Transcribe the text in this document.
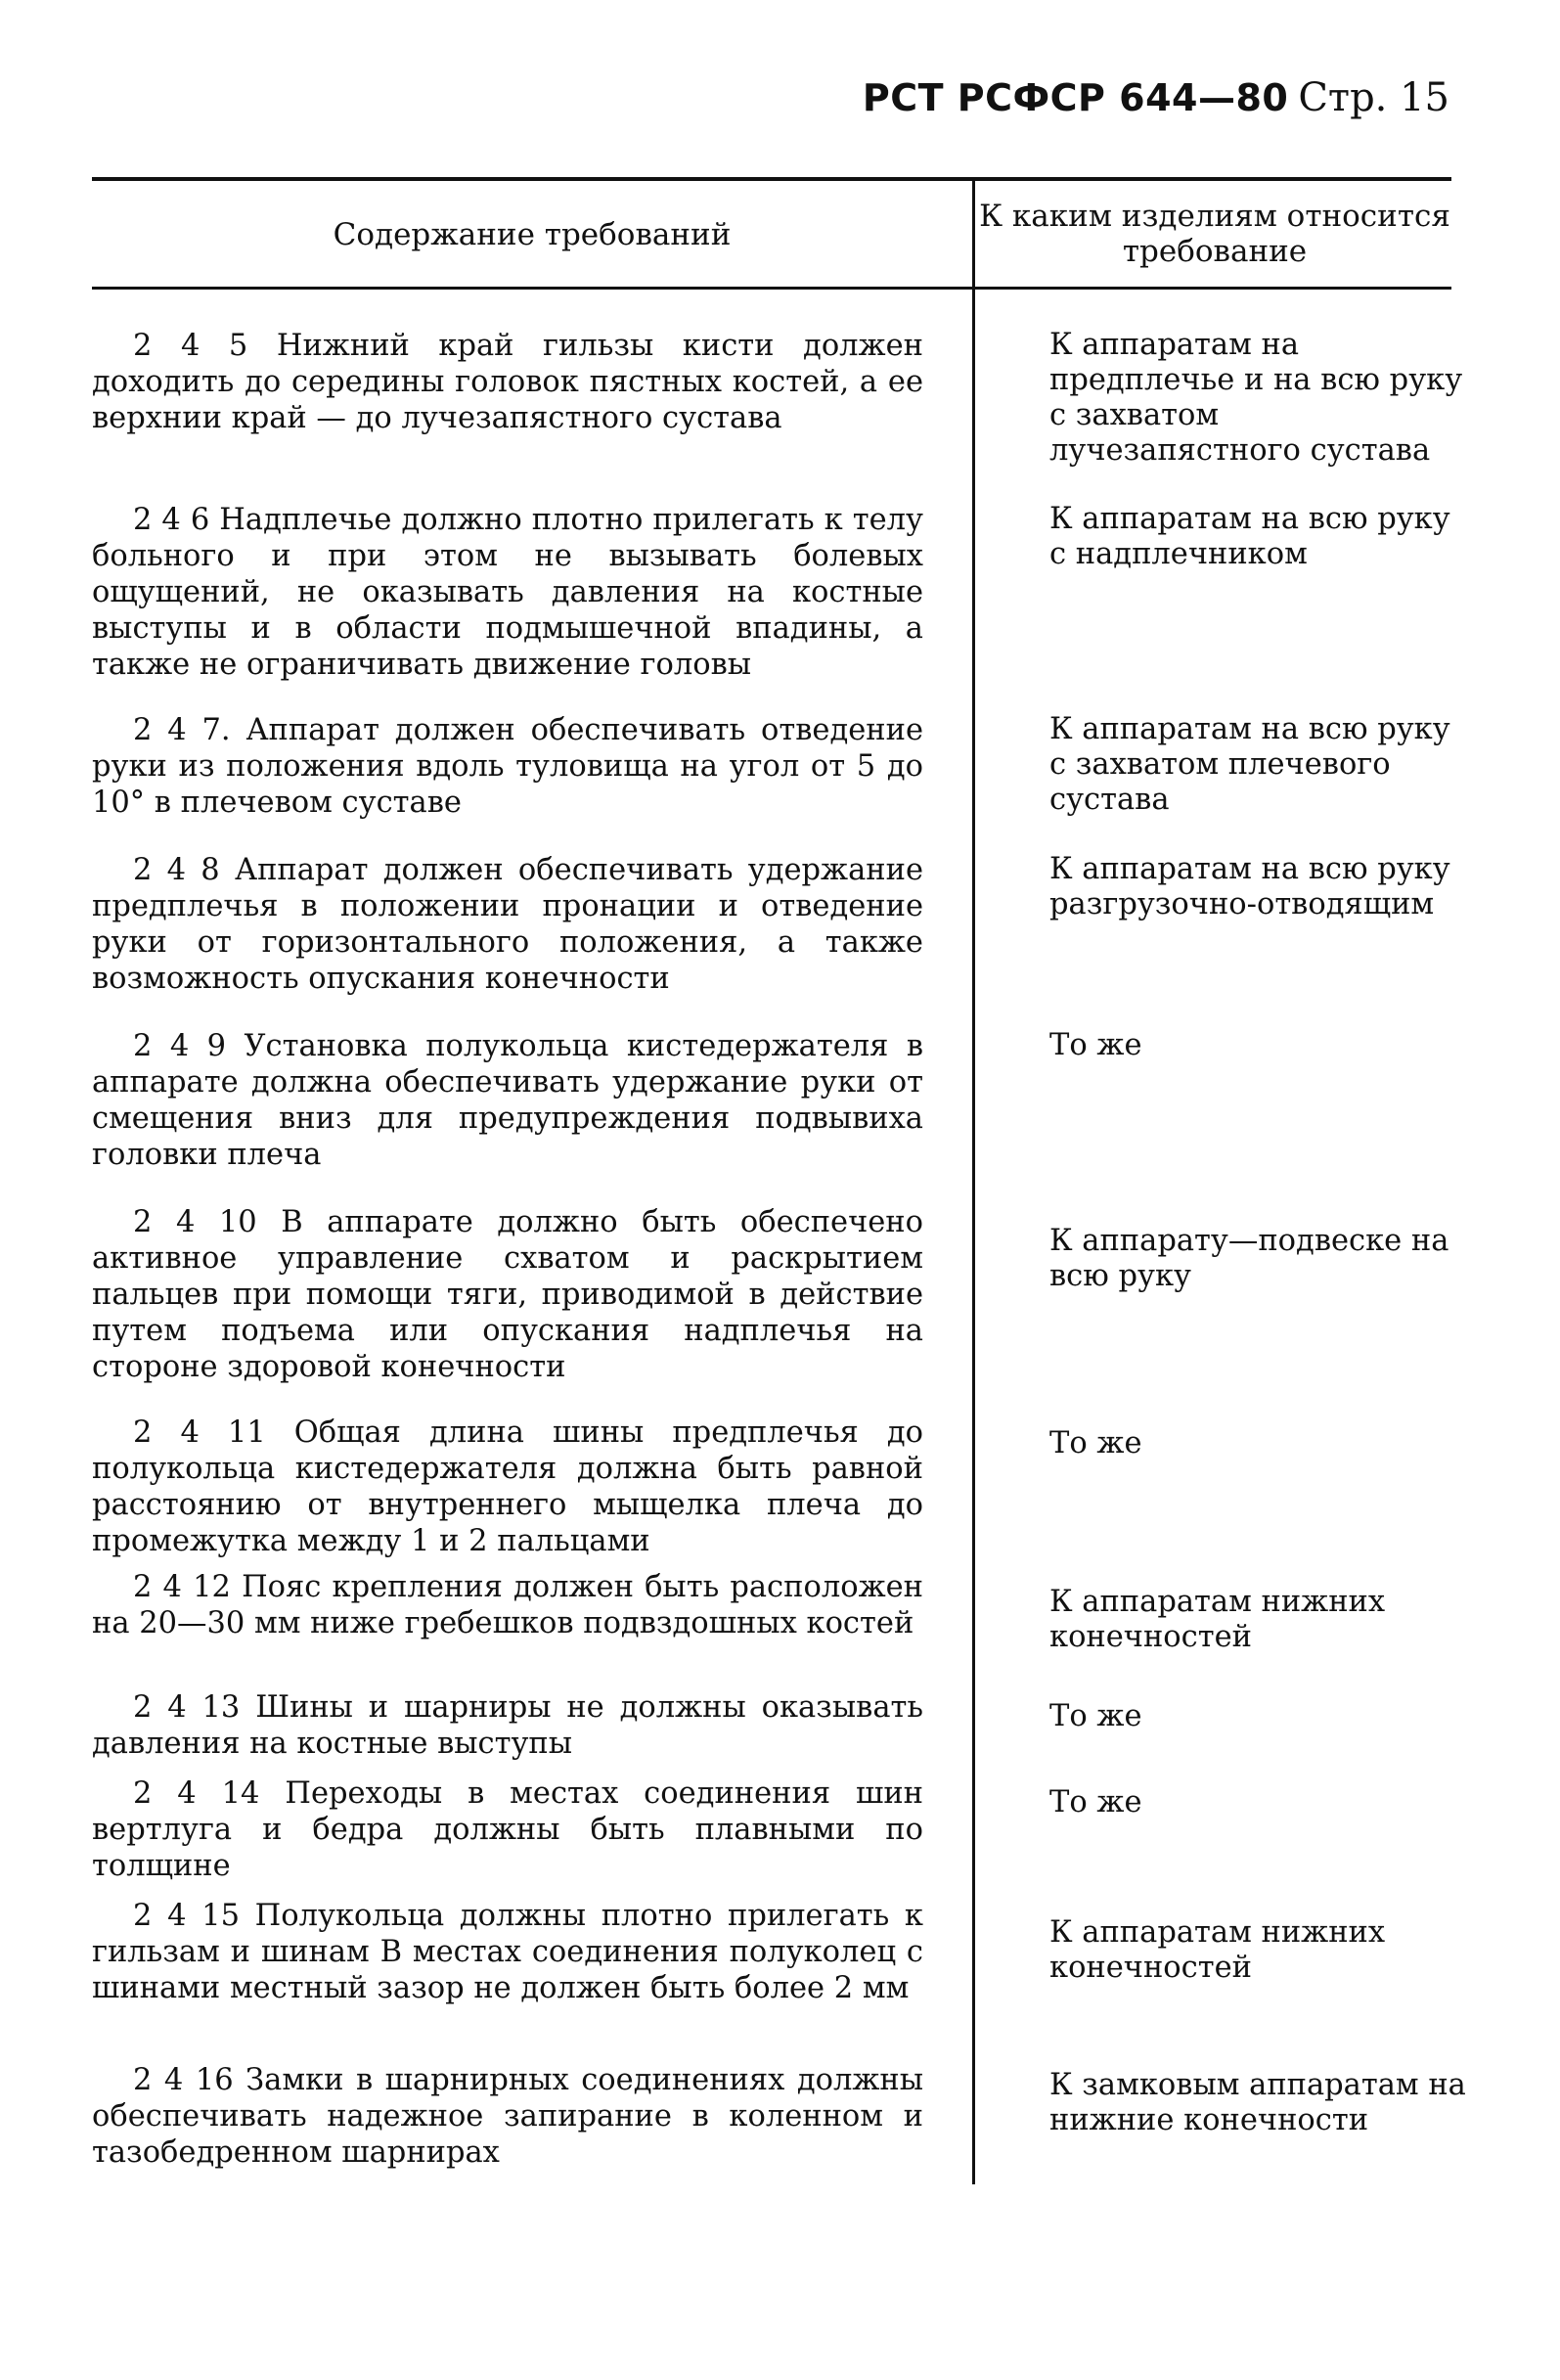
РСТ РСФСР 644—80 Стр. 15
Содержание требований
К каким изделиям относится требование
2 4 5 Нижний край гильзы кисти должен доходить до середины головок пястных костей, а ее верхнии край — до лучезапястного сустава
К аппаратам на предплечье и на всю руку с захватом лучезапястного сустава
2 4 6 Надплечье должно плотно прилегать к телу больного и при этом не вызывать болевых ощущений, не оказывать давления на костные выступы и в области подмышечной впадины, а также не ограничивать движение головы
К аппаратам на всю руку с надплечником
2 4 7. Аппарат должен обеспечивать отведение руки из положения вдоль туловища на угол от 5 до 10° в плечевом суставе
К аппаратам на всю руку с захватом плечевого сустава
2 4 8 Аппарат должен обеспечивать удержание предплечья в положении пронации и отведение руки от горизонтального положения, а также возможность опускания конечности
К аппаратам на всю руку разгрузочно-отводящим
2 4 9 Установка полукольца кистедержателя в аппарате должна обеспечивать удержание руки от смещения вниз для предупреждения подвывиха головки плеча
То же
2 4 10 В аппарате должно быть обеспечено активное управление схватом и раскрытием пальцев при помощи тяги, приводимой в действие путем подъема или опускания надплечья на стороне здоровой конечности
К аппарату—подвеске на всю руку
2 4 11 Общая длина шины предплечья до полукольца кистедержателя должна быть равной расстоянию от внутреннего мыщелка плеча до промежутка между 1 и 2 пальцами
То же
2 4 12 Пояс крепления должен быть расположен на 20—30 мм ниже гребешков подвздошных костей
К аппаратам нижних конечностей
2 4 13 Шины и шарниры не должны оказывать давления на костные выступы
То же
2 4 14 Переходы в местах соединения шин вертлуга и бедра должны быть плавными по толщине
То же
2 4 15 Полукольца должны плотно прилегать к гильзам и шинам В местах соединения полуколец с шинами местный зазор не должен быть более 2 мм
К аппаратам нижних конечностей
2 4 16 Замки в шарнирных соединениях должны обеспечивать надежное запирание в коленном и тазобедренном шарнирах
К замковым аппаратам на нижние конечности
